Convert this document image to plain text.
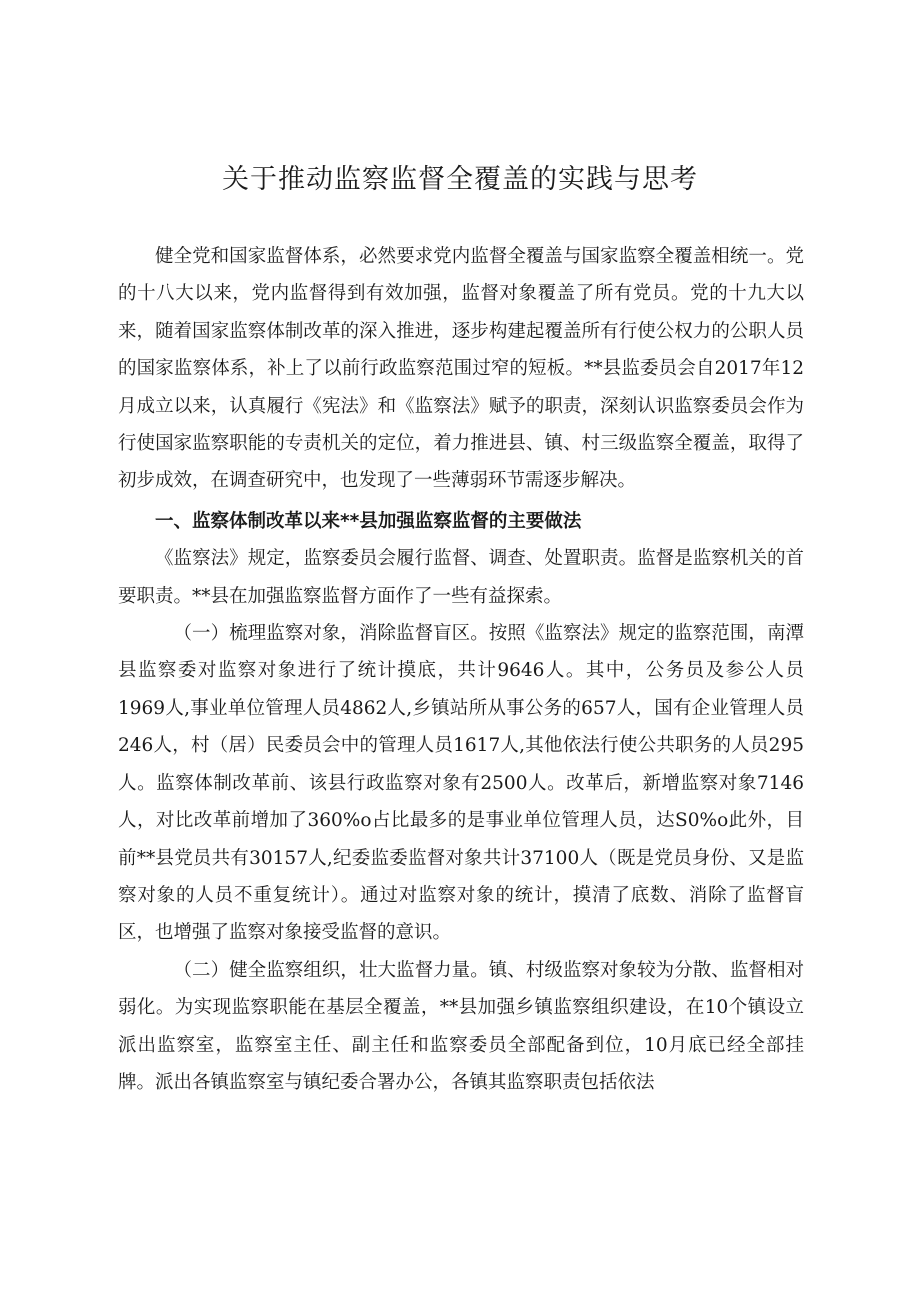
关于推动监察监督全覆盖的实践与思考

健全党和国家监督体系，必然要求党内监督全覆盖与国家监察全覆盖相统一。党的十八大以来，党内监督得到有效加强，监督对象覆盖了所有党员。党的十九大以来，随着国家监察体制改革的深入推进，逐步构建起覆盖所有行使公权力的公职人员的国家监察体系，补上了以前行政监察范围过窄的短板。**县监委员会自2017年12月成立以来，认真履行《宪法》和《监察法》赋予的职责，深刻认识监察委员会作为行使国家监察职能的专责机关的定位，着力推进县、镇、村三级监察全覆盖，取得了初步成效，在调查研究中，也发现了一些薄弱环节需逐步解决。

一、监察体制改革以来**县加强监察监督的主要做法

《监察法》规定，监察委员会履行监督、调查、处置职责。监督是监察机关的首要职责。**县在加强监察监督方面作了一些有益探索。

（一）梳理监察对象，消除监督盲区。按照《监察法》规定的监察范围，南潭县监察委对监察对象进行了统计摸底，共计9646人。其中，公务员及参公人员1969人,事业单位管理人员4862人,乡镇站所从事公务的657人，国有企业管理人员246人，村（居）民委员会中的管理人员1617人,其他依法行使公共职务的人员295人。监察体制改革前、该县行政监察对象有2500人。改革后，新增监察对象7146人，对比改革前增加了360%o占比最多的是事业单位管理人员，达S0%o此外，目前**县党员共有30157人,纪委监委监督对象共计37100人（既是党员身份、又是监察对象的人员不重复统计）。通过对监察对象的统计，摸清了底数、消除了监督盲区，也增强了监察对象接受监督的意识。

（二）健全监察组织，壮大监督力量。镇、村级监察对象较为分散、监督相对弱化。为实现监察职能在基层全覆盖，**县加强乡镇监察组织建设，在10个镇设立派出监察室，监察室主任、副主任和监察委员全部配备到位，10月底已经全部挂牌。派出各镇监察室与镇纪委合署办公，各镇其监察职责包括依法
